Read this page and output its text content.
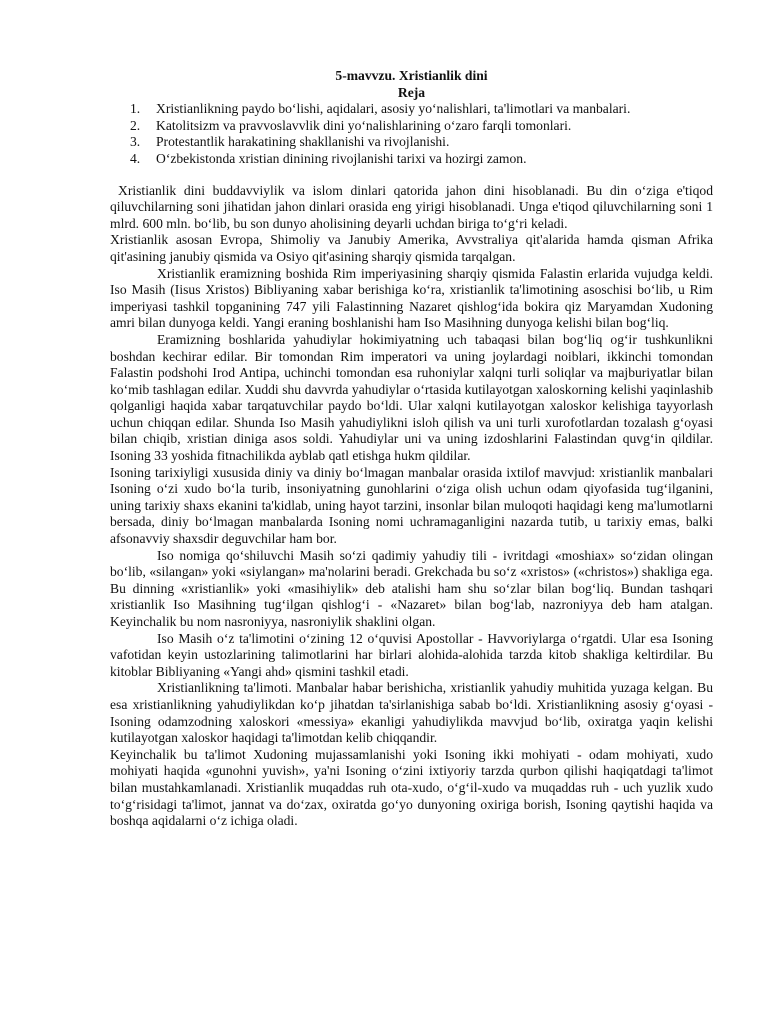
5-mavvzu. Xristianlik dini

Reja

1. Xristianlikning paydo bo‘lishi, aqidalari, asosiy yo‘nalishlari, ta'limotlari va manbalari.
2. Katolitsizm va pravvoslavvlik dini yo‘nalishlarining o‘zaro farqli tomonlari.
3. Protestantlik harakatining shakllanishi va rivojlanishi.
4. O‘zbekistonda xristian dinining rivojlanishi tarixi va hozirgi zamon.

Xristianlik dini buddavviylik va islom dinlari qatorida jahon dini hisoblanadi. Bu din o‘ziga e'tiqod qiluvchilarning soni jihatidan jahon dinlari orasida eng yirigi hisoblanadi. Unga e'tiqod qiluvchilarning soni 1 mlrd. 600 mln. bo‘lib, bu son dunyo aholisining deyarli uchdan biriga to‘g‘ri keladi.

Xristianlik asosan Evropa, Shimoliy va Janubiy Amerika, Avvstraliya qit'alarida hamda qisman Afrika qit'asining janubiy qismida va Osiyo qit'asining sharqiy qismida tarqalgan.

Xristianlik eramizning boshida Rim imperiyasining sharqiy qismida Falastin erlarida vujudga keldi. Iso Masih (Iisus Xristos) Bibliyaning xabar berishiga ko‘ra, xristianlik ta'limotining asoschisi bo‘lib, u Rim imperiyasi tashkil topganining 747 yili Falastinning Nazaret qishlog‘ida bokira qiz Maryamdan Xudoning amri bilan dunyoga keldi. Yangi eraning boshlanishi ham Iso Masihning dunyoga kelishi bilan bog‘liq.

Eramizning boshlarida yahudiylar hokimiyatning uch tabaqasi bilan bog‘liq og‘ir tushkunlikni boshdan kechirar edilar. Bir tomondan Rim imperatori va uning joylardagi noiblari, ikkinchi tomondan Falastin podshohi Irod Antipa, uchinchi tomondan esa ruhoniylar xalqni turli soliqlar va majburiyatlar bilan ko‘mib tashlagan edilar. Xuddi shu davvrda yahudiylar o‘rtasida kutilayotgan xaloskorning kelishi yaqinlashib qolganligi haqida xabar tarqatuvchilar paydo bo‘ldi. Ular xalqni kutilayotgan xaloskor kelishiga tayyorlash uchun chiqqan edilar. Shunda Iso Masih yahudiylikni isloh qilish va uni turli xurofotlardan tozalash g‘oyasi bilan chiqib, xristian diniga asos soldi. Yahudiylar uni va uning izdoshlarini Falastindan quvg‘in qildilar. Isoning 33 yoshida fitnachilikda ayblab qatl etishga hukm qildilar.

Isoning tarixiyligi xususida diniy va diniy bo‘lmagan manbalar orasida ixtilof mavvjud: xristianlik manbalari Isoning o‘zi xudo bo‘la turib, insoniyatning gunohlarini o‘ziga olish uchun odam qiyofasida tug‘ilganini, uning tarixiy shaxs ekanini ta'kidlab, uning hayot tarzini, insonlar bilan muloqoti haqidagi keng ma'lumotlarni bersada, diniy bo‘lmagan manbalarda Isoning nomi uchramaganligini nazarda tutib, u tarixiy emas, balki afsonavviy shaxsdir deguvchilar ham bor.

Iso nomiga qo‘shiluvchi Masih so‘zi qadimiy yahudiy tili - ivritdagi «moshiax» so‘zidan olingan bo‘lib, «silangan» yoki «siylangan» ma'nolarini beradi. Grekchada bu so‘z «xristos» («christos») shakliga ega. Bu dinning «xristianlik» yoki «masihiylik» deb atalishi ham shu so‘zlar bilan bog‘liq. Bundan tashqari xristianlik Iso Masihning tug‘ilgan qishlog‘i - «Nazaret» bilan bog‘lab, nazroniyya deb ham atalgan. Keyinchalik bu nom nasroniyya, nasroniylik shaklini olgan.

Iso Masih o‘z ta'limotini o‘zining 12 o‘quvisi Apostollar - Havvoriylarga o‘rgatdi. Ular esa Isoning vafotidan keyin ustozlarining talimotlarini har birlari alohida-alohida tarzda kitob shakliga keltirdilar. Bu kitoblar Bibliyaning «Yangi ahd» qismini tashkil etadi.

Xristianlikning ta'limoti. Manbalar habar berishicha, xristianlik yahudiy muhitida yuzaga kelgan. Bu esa xristianlikning yahudiylikdan ko‘p jihatdan ta'sirlanishiga sabab bo‘ldi. Xristianlikning asosiy g‘oyasi - Isoning odamzodning xaloskori «messiya» ekanligi yahudiylikda mavvjud bo‘lib, oxiratga yaqin kelishi kutilayotgan xaloskor haqidagi ta'limotdan kelib chiqqandir.

Keyinchalik bu ta'limot Xudoning mujassamlanishi yoki Isoning ikki mohiyati - odam mohiyati, xudo mohiyati haqida «gunohni yuvish», ya'ni Isoning o‘zini ixtiyoriy tarzda qurbon qilishi haqiqatdagi ta'limot bilan mustahkamlanadi. Xristianlik muqaddas ruh ota-xudo, o‘g‘il-xudo va muqaddas ruh - uch yuzlik xudo to‘g‘risidagi ta'limot, jannat va do‘zax, oxiratda go‘yo dunyoning oxiriga borish, Isoning qaytishi haqida va boshqa aqidalarni o‘z ichiga oladi.
